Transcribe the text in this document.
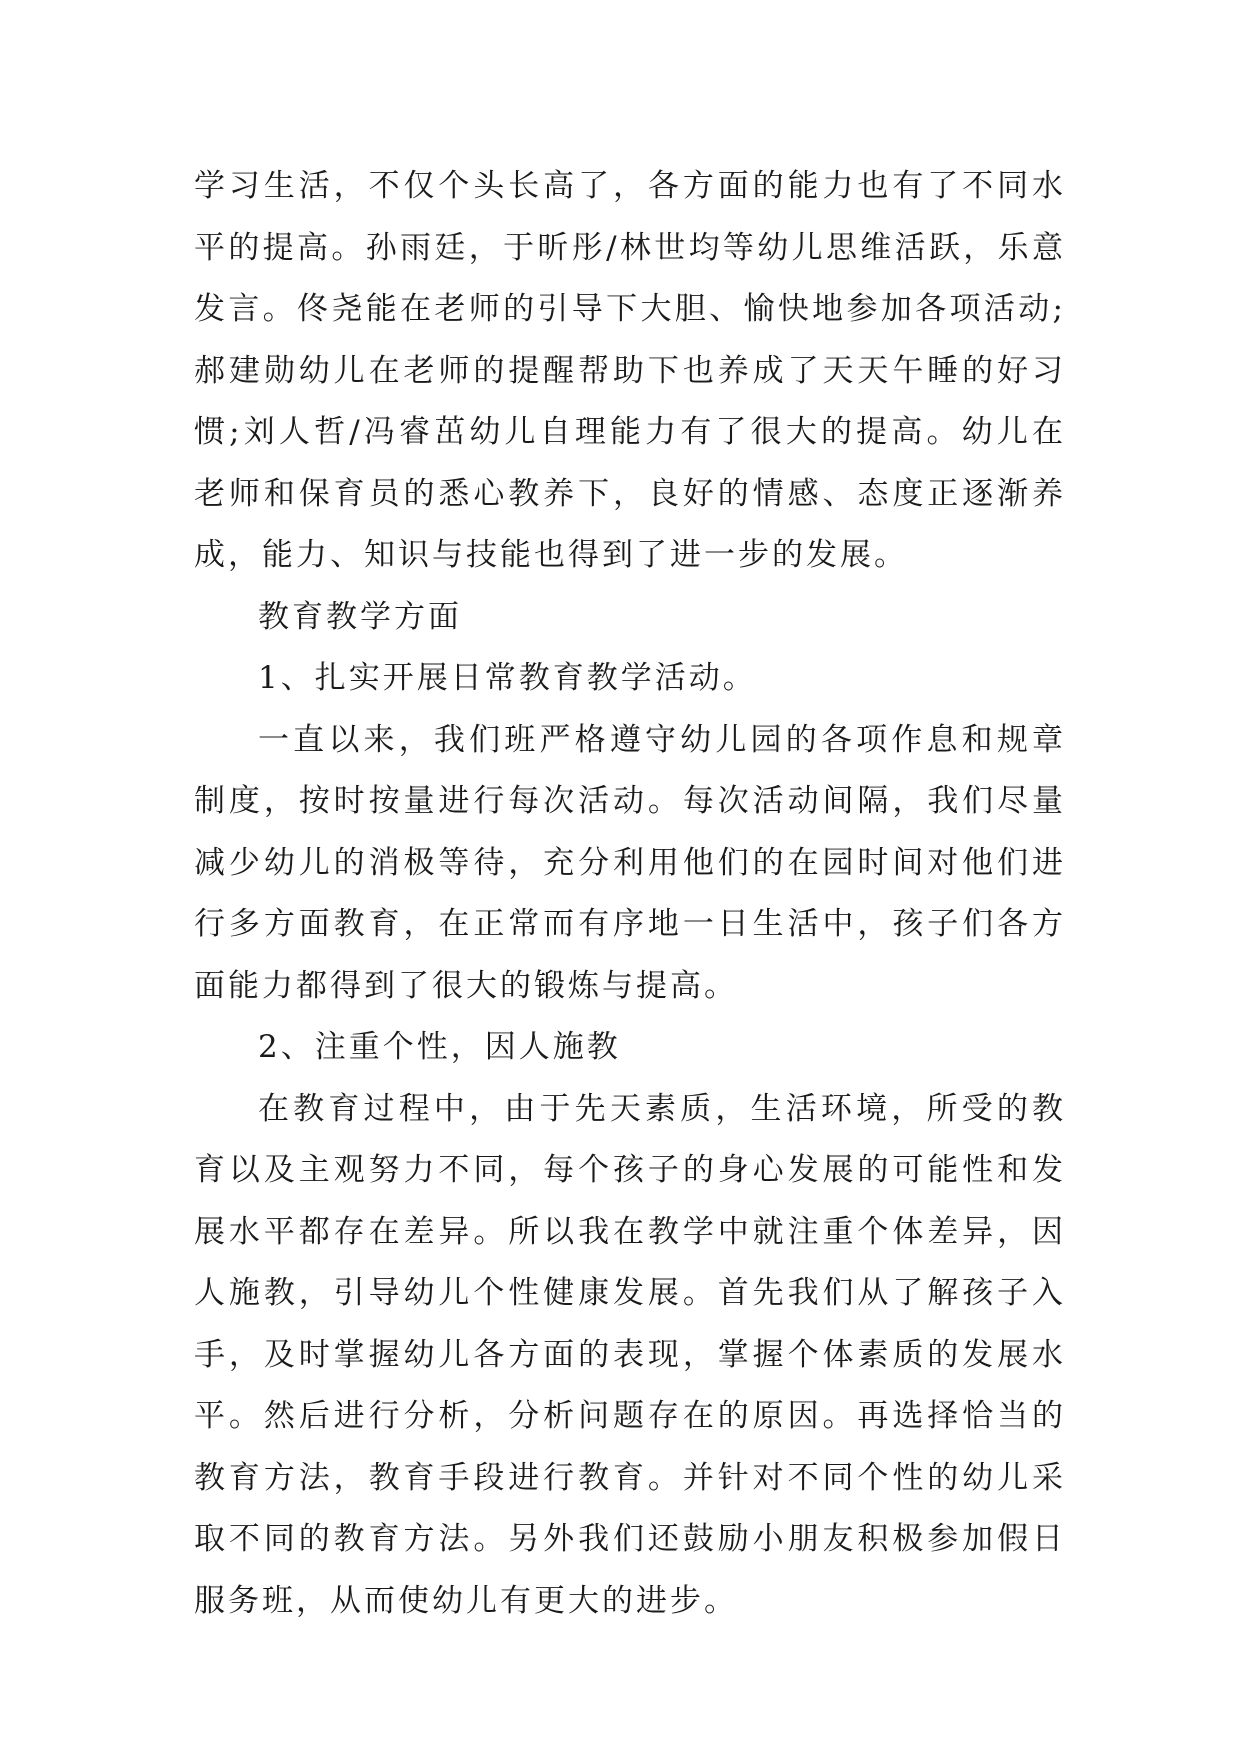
学习生活，不仅个头长高了，各方面的能力也有了不同水平的提高。孙雨廷，于昕彤/林世均等幼儿思维活跃，乐意发言。佟尧能在老师的引导下大胆、愉快地参加各项活动;郝建勋幼儿在老师的提醒帮助下也养成了天天午睡的好习惯;刘人哲/冯睿茁幼儿自理能力有了很大的提高。幼儿在老师和保育员的悉心教养下，良好的情感、态度正逐渐养成，能力、知识与技能也得到了进一步的发展。

教育教学方面

1、扎实开展日常教育教学活动。

一直以来，我们班严格遵守幼儿园的各项作息和规章制度，按时按量进行每次活动。每次活动间隔，我们尽量减少幼儿的消极等待，充分利用他们的在园时间对他们进行多方面教育，在正常而有序地一日生活中，孩子们各方面能力都得到了很大的锻炼与提高。

2、注重个性，因人施教

在教育过程中，由于先天素质，生活环境，所受的教育以及主观努力不同，每个孩子的身心发展的可能性和发展水平都存在差异。所以我在教学中就注重个体差异，因人施教，引导幼儿个性健康发展。首先我们从了解孩子入手，及时掌握幼儿各方面的表现，掌握个体素质的发展水平。然后进行分析，分析问题存在的原因。再选择恰当的教育方法，教育手段进行教育。并针对不同个性的幼儿采取不同的教育方法。另外我们还鼓励小朋友积极参加假日服务班，从而使幼儿有更大的进步。
